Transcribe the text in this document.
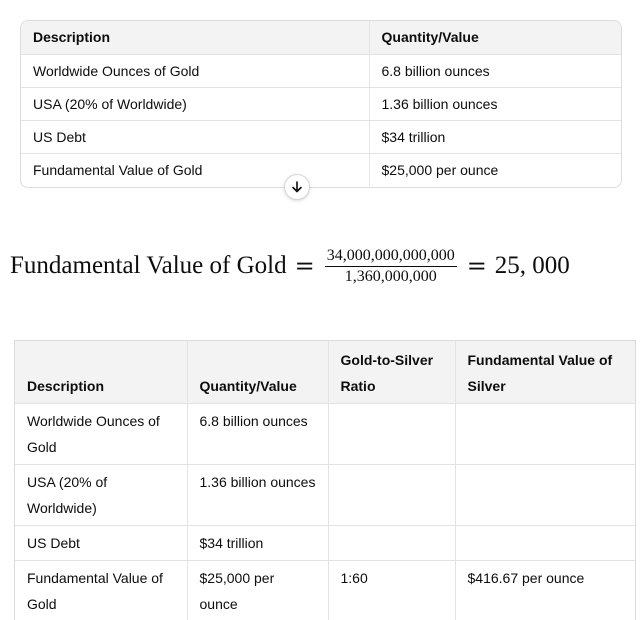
Description	Quantity/Value
Worldwide Ounces of Gold	6.8 billion ounces
USA (20% of Worldwide)	1.36 billion ounces
US Debt	$34 trillion
Fundamental Value of Gold	$25,000 per ounce
Fundamental Value of Gold = $\frac{34,000,000,000,000}{1,360,000,000} = 25$, 000
Description	Quantity/Value	Gold-to-Silver Ratio	Fundamental Value of Silver
Worldwide Ounces of Gold	6.8 billion ounces		
USA (20% of Worldwide)	1.36 billion ounces		
US Debt	$34 trillion		
Fundamental Value of Gold	$25,000 per ounce	1:60	$416.67 per ounce
